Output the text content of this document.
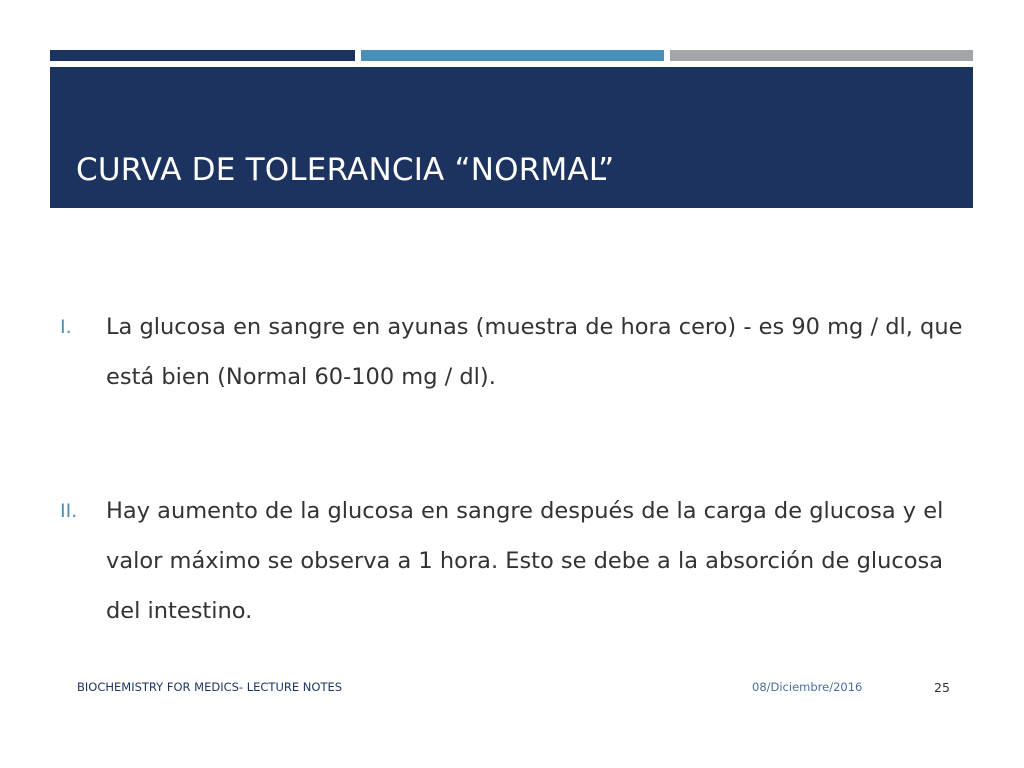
CURVA DE TOLERANCIA “NORMAL”
I. La glucosa en sangre en ayunas (muestra de hora cero) - es 90 mg / dl, que está bien (Normal 60-100 mg / dl).
II. Hay aumento de la glucosa en sangre después de la carga de glucosa y el valor máximo se observa a 1 hora. Esto se debe a la absorción de glucosa del intestino.
BIOCHEMISTRY FOR MEDICS- LECTURE NOTES	08/Diciembre/2016	25
